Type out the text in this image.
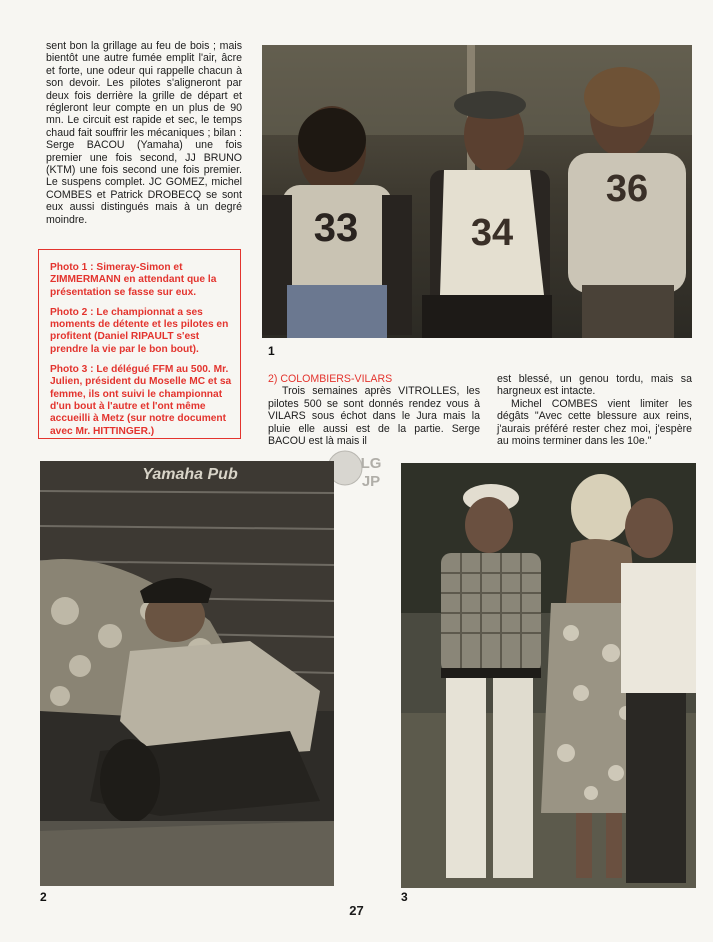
sent bon la grillage au feu de bois ; mais bientôt une autre fumée emplit l'air, âcre et forte, une odeur qui rappelle chacun à son devoir. Les pilotes s'aligneront par deux fois derrière la grille de départ et régleront leur compte en un plus de 90 mn. Le circuit est rapide et sec, le temps chaud fait souffrir les mécaniques ; bilan : Serge BACOU (Yamaha) une fois premier une fois second, JJ BRUNO (KTM) une fois second une fois premier. Le suspens complet. JC GOMEZ, michel COMBES et Patrick DROBECQ se sont eux aussi distingués mais à un degré moindre.

Photo 1 : Simeray-Simon et ZIMMERMANN en attendant que la présentation se fasse sur eux.

Photo 2 : Le championnat a ses moments de détente et les pilotes en profitent (Daniel RIPAULT s'est prendre la vie par le bon bout).

Photo 3 : Le délégué FFM au 500. Mr. Julien, président du Moselle MC et sa femme, ils ont suivi le championnat d'un bout à l'autre et l'ont même accueilli à Metz (sur notre document avec Mr. HITTINGER.)

33	34
36
1
2) COLOMBIERS-VILARS

Trois semaines après VITROLLES, les pilotes 500 se sont donnés rendez vous à VILARS sous échot dans le Jura mais la pluie elle aussi est de la partie. Serge BACOU est là mais il

est blessé, un genou tordu, mais sa hargneux est intacte.

Michel COMBES vient limiter les dégâts "Avec cette blessure aux reins, j'aurais préféré rester chez moi, j'espère au moins terminer dans les 10e."

LG
JP
Yamaha Pub
2	3
27
